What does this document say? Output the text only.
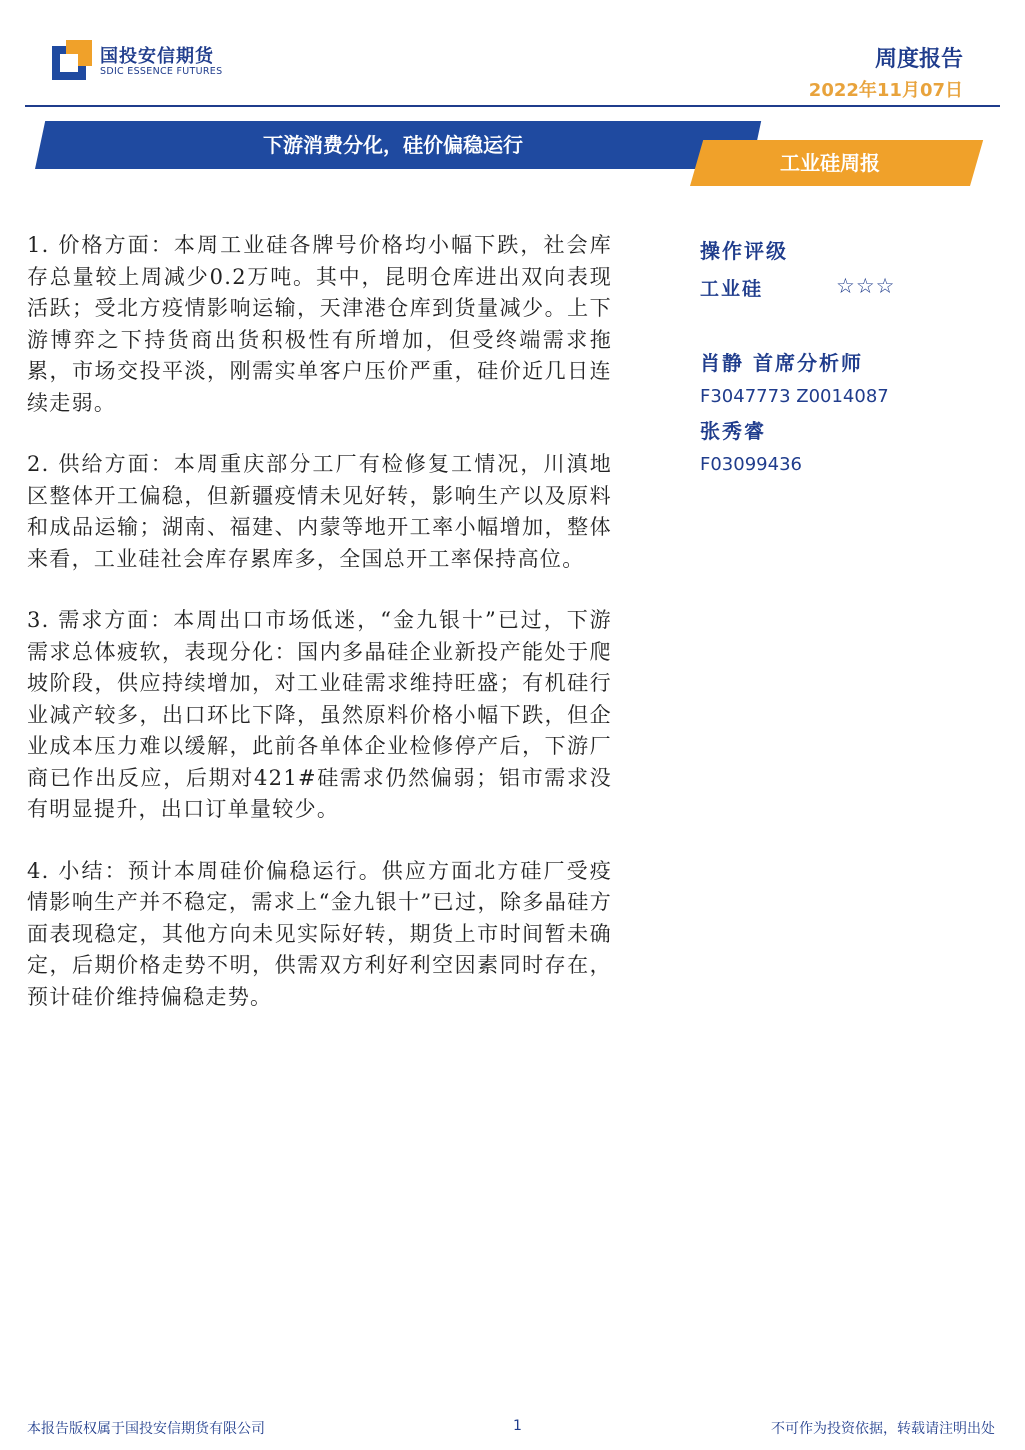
国投安信期货
SDIC ESSENCE FUTURES	周度报告
2022年11月07日
下游消费分化，硅价偏稳运行
工业硅周报

1. 价格方面：本周工业硅各牌号价格均小幅下跌，社会库存总量较上周减少0.2万吨。其中，昆明仓库进出双向表现活跃；受北方疫情影响运输，天津港仓库到货量减少。上下游博弈之下持货商出货积极性有所增加，但受终端需求拖累，市场交投平淡，刚需实单客户压价严重，硅价近几日连续走弱。

2. 供给方面：本周重庆部分工厂有检修复工情况，川滇地区整体开工偏稳，但新疆疫情未见好转，影响生产以及原料和成品运输；湖南、福建、内蒙等地开工率小幅增加，整体来看，工业硅社会库存累库多，全国总开工率保持高位。

3. 需求方面：本周出口市场低迷，“金九银十”已过，下游需求总体疲软，表现分化：国内多晶硅企业新投产能处于爬坡阶段，供应持续增加，对工业硅需求维持旺盛；有机硅行业减产较多，出口环比下降，虽然原料价格小幅下跌，但企业成本压力难以缓解，此前各单体企业检修停产后，下游厂商已作出反应，后期对421#硅需求仍然偏弱；铝市需求没有明显提升，出口订单量较少。

4. 小结：预计本周硅价偏稳运行。供应方面北方硅厂受疫情影响生产并不稳定，需求上“金九银十”已过，除多晶硅方面表现稳定，其他方向未见实际好转，期货上市时间暂未确定，后期价格走势不明，供需双方利好利空因素同时存在，预计硅价维持偏稳走势。

操作评级
工业硅	☆☆☆
肖静 首席分析师
F3047773 Z0014087
张秀睿
F03099436
本报告版权属于国投安信期货有限公司	1	不可作为投资依据，转载请注明出处
